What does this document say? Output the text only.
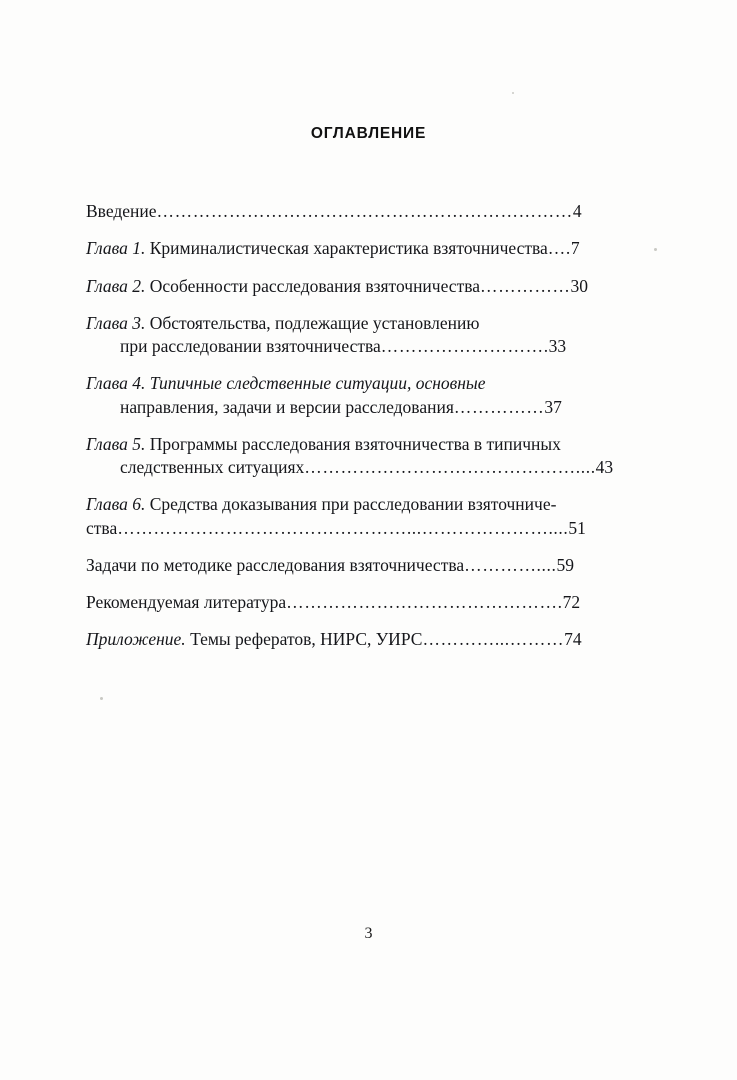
ОГЛАВЛЕНИЕ
Введение……………………………………………………………4
Глава 1. Криминалистическая характеристика взяточничества….7
Глава 2. Особенности расследования взяточничества……………30
Глава 3. Обстоятельства, подлежащие установлению
при расследовании взяточничества……………………….33
Глава 4. Типичные следственные ситуации, основные
направления, задачи и версии расследования……………37
Глава 5. Программы расследования взяточничества в типичных
следственных ситуациях………………………………………....43
Глава 6. Средства доказывания при расследовании взяточниче-
ства…………………………………………...…………………....51
Задачи по методике расследования взяточничества…………....59
Рекомендуемая литература……………………………………….72
Приложение. Темы рефератов, НИРС, УИРС…………...………74
3
